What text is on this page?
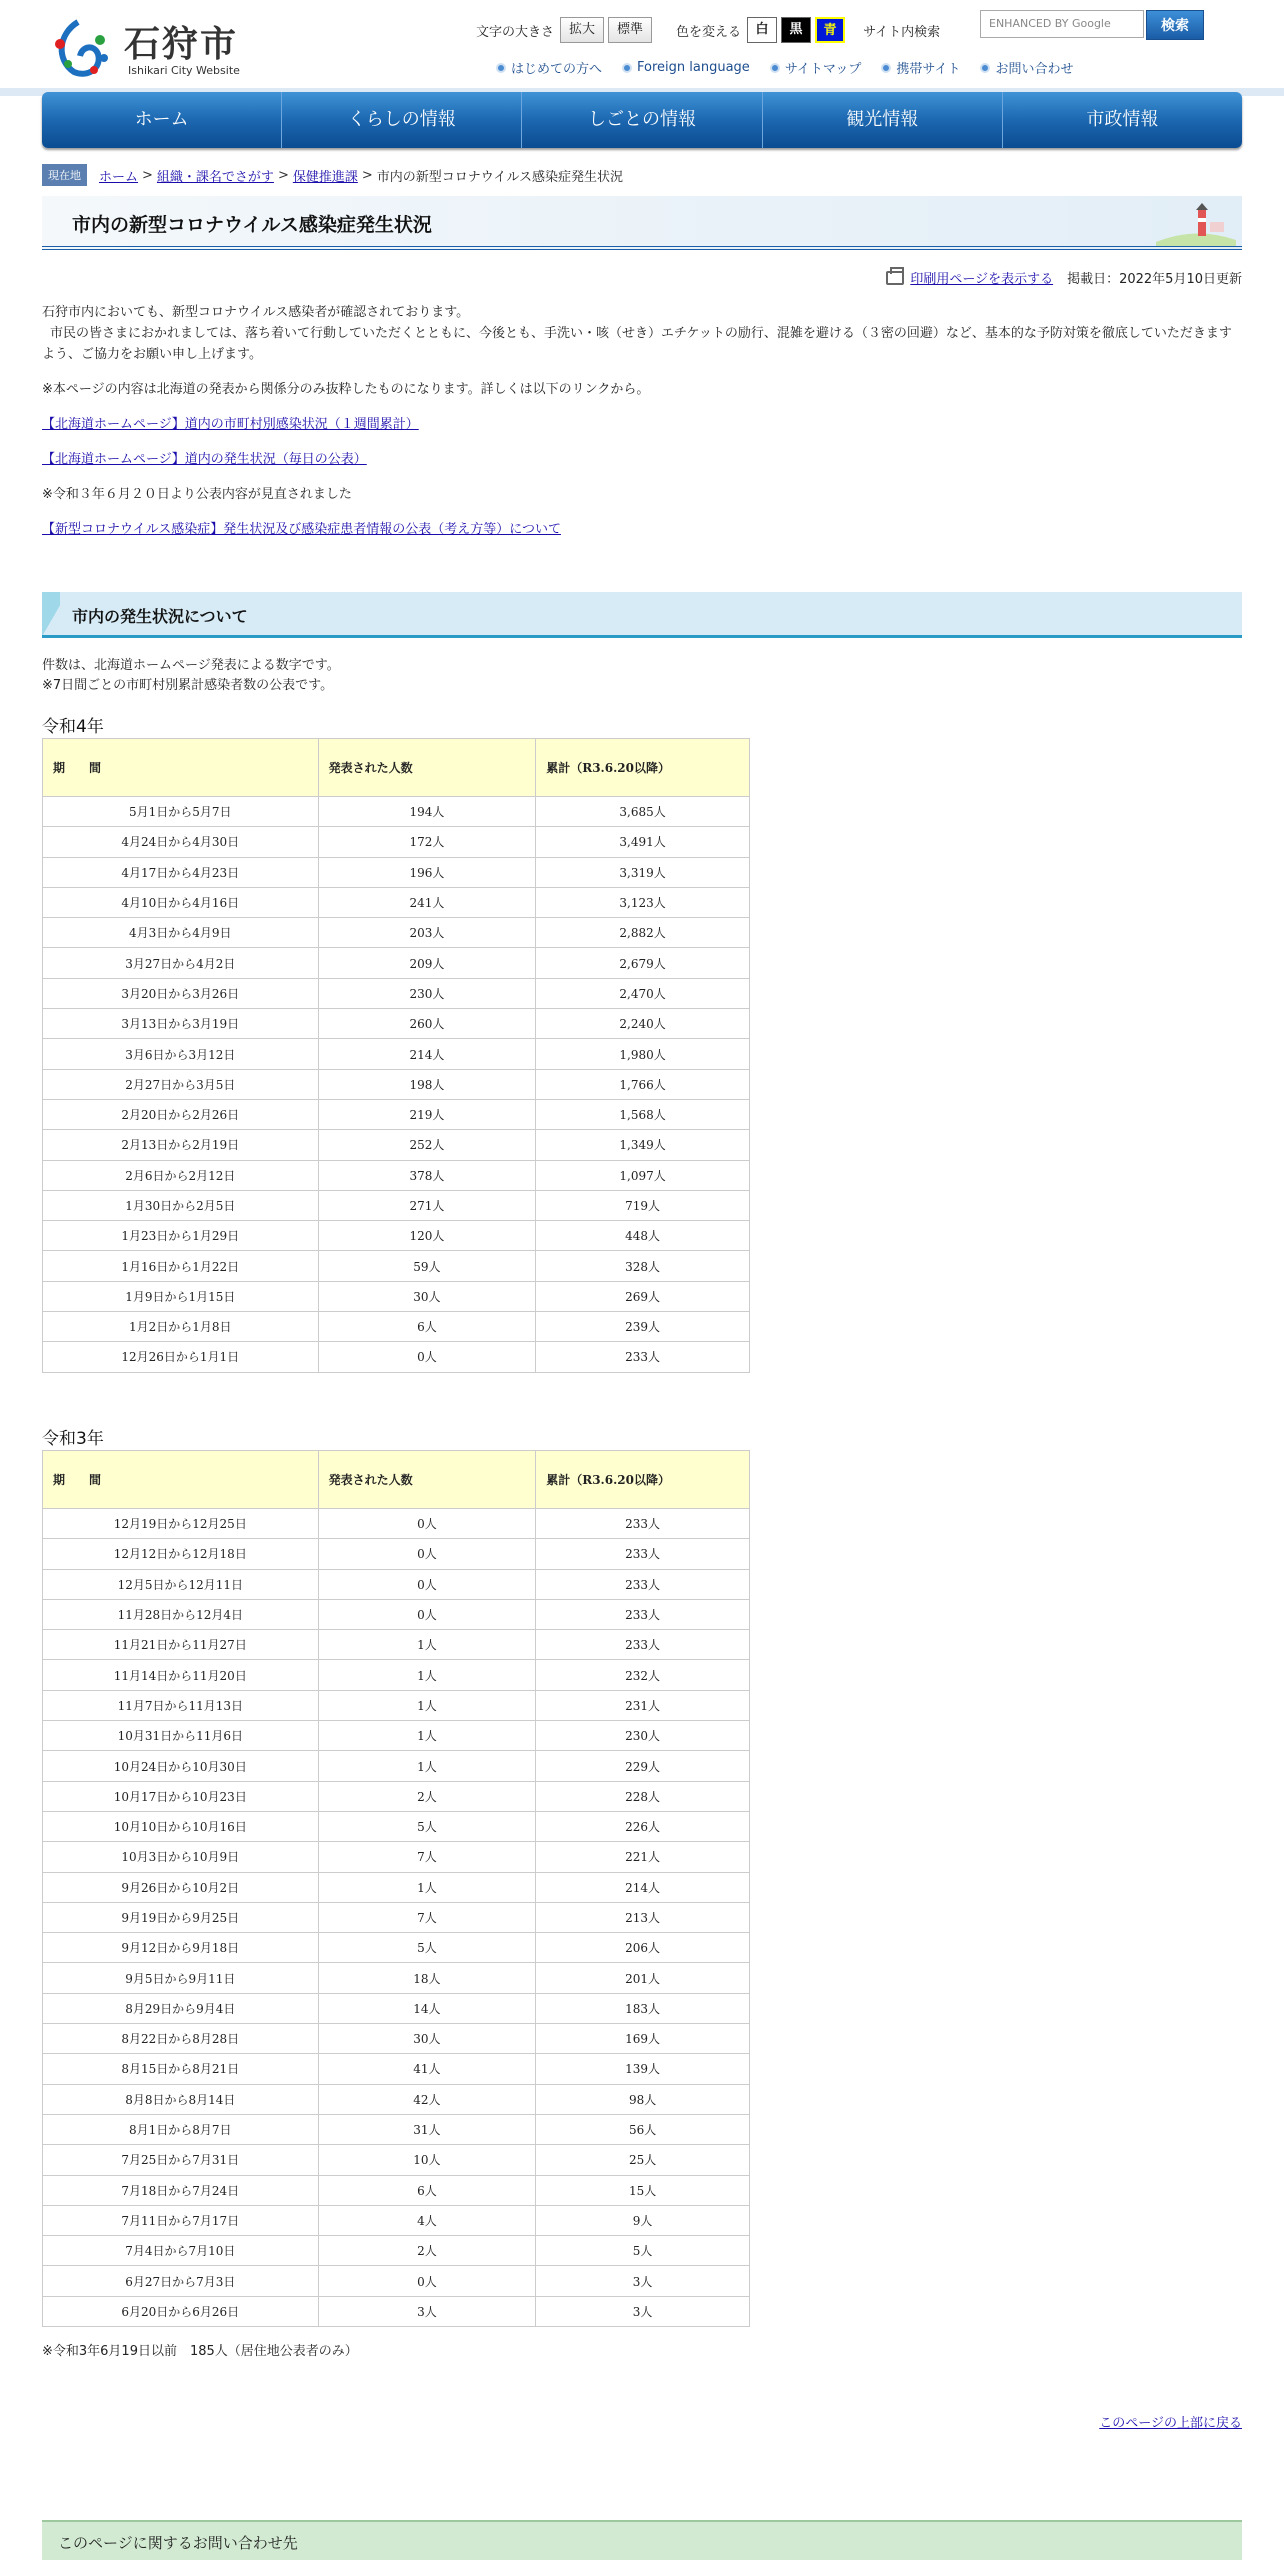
石狩市
Ishikari City Website
文字の大きさ	拡大	標準	色を変える	白	黒	青	サイト内検索
ENHANCED BY Google	検索
はじめての方へ	Foreign language	サイトマップ	携帯サイト	お問い合わせ
ホーム	くらしの情報	しごとの情報	観光情報	市政情報
現在地	ホーム > 組織・課名でさがす > 保健推進課 > 市内の新型コロナウイルス感染症発生状況
市内の新型コロナウイルス感染症発生状況
印刷用ページを表示する 掲載日：2022年5月10日更新

石狩市内においても、新型コロナウイルス感染者が確認されております。
市民の皆さまにおかれましては、落ち着いて行動していただくとともに、今後とも、手洗い・咳（せき）エチケットの励行、混雑を避ける（３密の回避）など、基本的な予防対策を徹底していただきますよう、ご協力をお願い申し上げます。

※本ページの内容は北海道の発表から関係分のみ抜粋したものになります。詳しくは以下のリンクから。

【北海道ホームページ】道内の市町村別感染状況（１週間累計）

【北海道ホームページ】道内の発生状況（毎日の公表）

※令和３年６月２０日より公表内容が見直されました

【新型コロナウイルス感染症】発生状況及び感染症患者情報の公表（考え方等）について

市内の発生状況について
件数は、北海道ホームページ発表による数字です。
※7日間ごとの市町村別累計感染者数の公表です。
令和4年
期　　間	発表された人数	累計（R3.6.20以降）
5月1日から5月7日	194人	3,685人
4月24日から4月30日	172人	3,491人
4月17日から4月23日	196人	3,319人
4月10日から4月16日	241人	3,123人
4月3日から4月9日	203人	2,882人
3月27日から4月2日	209人	2,679人
3月20日から3月26日	230人	2,470人
3月13日から3月19日	260人	2,240人
3月6日から3月12日	214人	1,980人
2月27日から3月5日	198人	1,766人
2月20日から2月26日	219人	1,568人
2月13日から2月19日	252人	1,349人
2月6日から2月12日	378人	1,097人
1月30日から2月5日	271人	719人
1月23日から1月29日	120人	448人
1月16日から1月22日	59人	328人
1月9日から1月15日	30人	269人
1月2日から1月8日	6人	239人
12月26日から1月1日	0人	233人
令和3年
期　　間	発表された人数	累計（R3.6.20以降）
12月19日から12月25日	0人	233人
12月12日から12月18日	0人	233人
12月5日から12月11日	0人	233人
11月28日から12月4日	0人	233人
11月21日から11月27日	1人	233人
11月14日から11月20日	1人	232人
11月7日から11月13日	1人	231人
10月31日から11月6日	1人	230人
10月24日から10月30日	1人	229人
10月17日から10月23日	2人	228人
10月10日から10月16日	5人	226人
10月3日から10月9日	7人	221人
9月26日から10月2日	1人	214人
9月19日から9月25日	7人	213人
9月12日から9月18日	5人	206人
9月5日から9月11日	18人	201人
8月29日から9月4日	14人	183人
8月22日から8月28日	30人	169人
8月15日から8月21日	41人	139人
8月8日から8月14日	42人	98人
8月1日から8月7日	31人	56人
7月25日から7月31日	10人	25人
7月18日から7月24日	6人	15人
7月11日から7月17日	4人	9人
7月4日から7月10日	2人	5人
6月27日から7月3日	0人	3人
6月20日から6月26日	3人	3人
※令和3年6月19日以前　185人（居住地公表者のみ）
このページの上部に戻る
このページに関するお問い合わせ先
